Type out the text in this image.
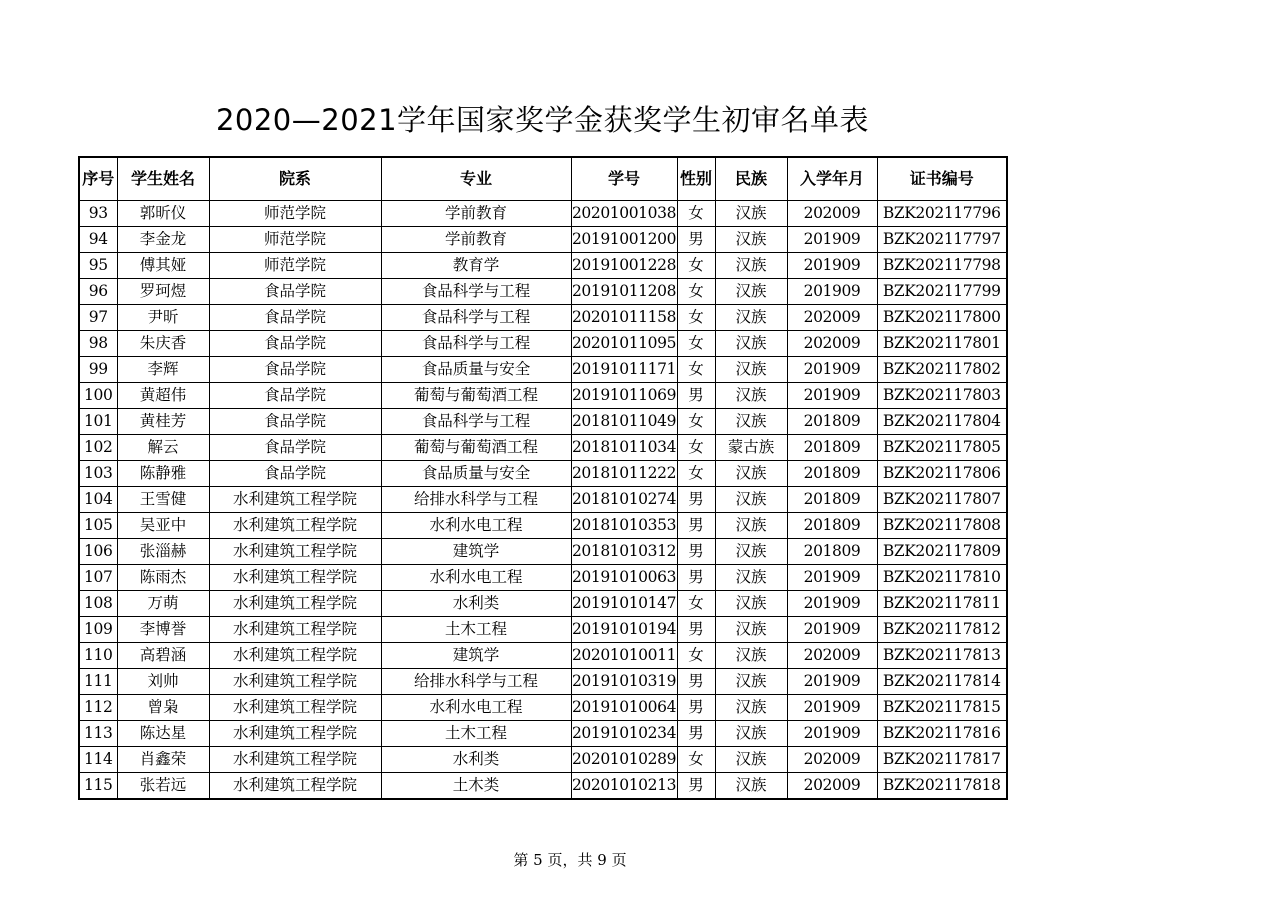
2020—2021学年国家奖学金获奖学生初审名单表
序号	学生姓名	院系	专业	学号	性别	民族	入学年月	证书编号
93	郭昕仪	师范学院	学前教育	20201001038	女	汉族	202009	BZK202117796
94	李金龙	师范学院	学前教育	20191001200	男	汉族	201909	BZK202117797
95	傅其娅	师范学院	教育学	20191001228	女	汉族	201909	BZK202117798
96	罗珂煜	食品学院	食品科学与工程	20191011208	女	汉族	201909	BZK202117799
97	尹昕	食品学院	食品科学与工程	20201011158	女	汉族	202009	BZK202117800
98	朱庆香	食品学院	食品科学与工程	20201011095	女	汉族	202009	BZK202117801
99	李辉	食品学院	食品质量与安全	20191011171	女	汉族	201909	BZK202117802
100	黄超伟	食品学院	葡萄与葡萄酒工程	20191011069	男	汉族	201909	BZK202117803
101	黄桂芳	食品学院	食品科学与工程	20181011049	女	汉族	201809	BZK202117804
102	解云	食品学院	葡萄与葡萄酒工程	20181011034	女	蒙古族	201809	BZK202117805
103	陈静雅	食品学院	食品质量与安全	20181011222	女	汉族	201809	BZK202117806
104	王雪健	水利建筑工程学院	给排水科学与工程	20181010274	男	汉族	201809	BZK202117807
105	吴亚中	水利建筑工程学院	水利水电工程	20181010353	男	汉族	201809	BZK202117808
106	张淄赫	水利建筑工程学院	建筑学	20181010312	男	汉族	201809	BZK202117809
107	陈雨杰	水利建筑工程学院	水利水电工程	20191010063	男	汉族	201909	BZK202117810
108	万萌	水利建筑工程学院	水利类	20191010147	女	汉族	201909	BZK202117811
109	李博誉	水利建筑工程学院	土木工程	20191010194	男	汉族	201909	BZK202117812
110	高碧涵	水利建筑工程学院	建筑学	20201010011	女	汉族	202009	BZK202117813
111	刘帅	水利建筑工程学院	给排水科学与工程	20191010319	男	汉族	201909	BZK202117814
112	曾枭	水利建筑工程学院	水利水电工程	20191010064	男	汉族	201909	BZK202117815
113	陈达星	水利建筑工程学院	土木工程	20191010234	男	汉族	201909	BZK202117816
114	肖鑫荣	水利建筑工程学院	水利类	20201010289	女	汉族	202009	BZK202117817
115	张若远	水利建筑工程学院	土木类	20201010213	男	汉族	202009	BZK202117818
第 5 页，共 9 页
